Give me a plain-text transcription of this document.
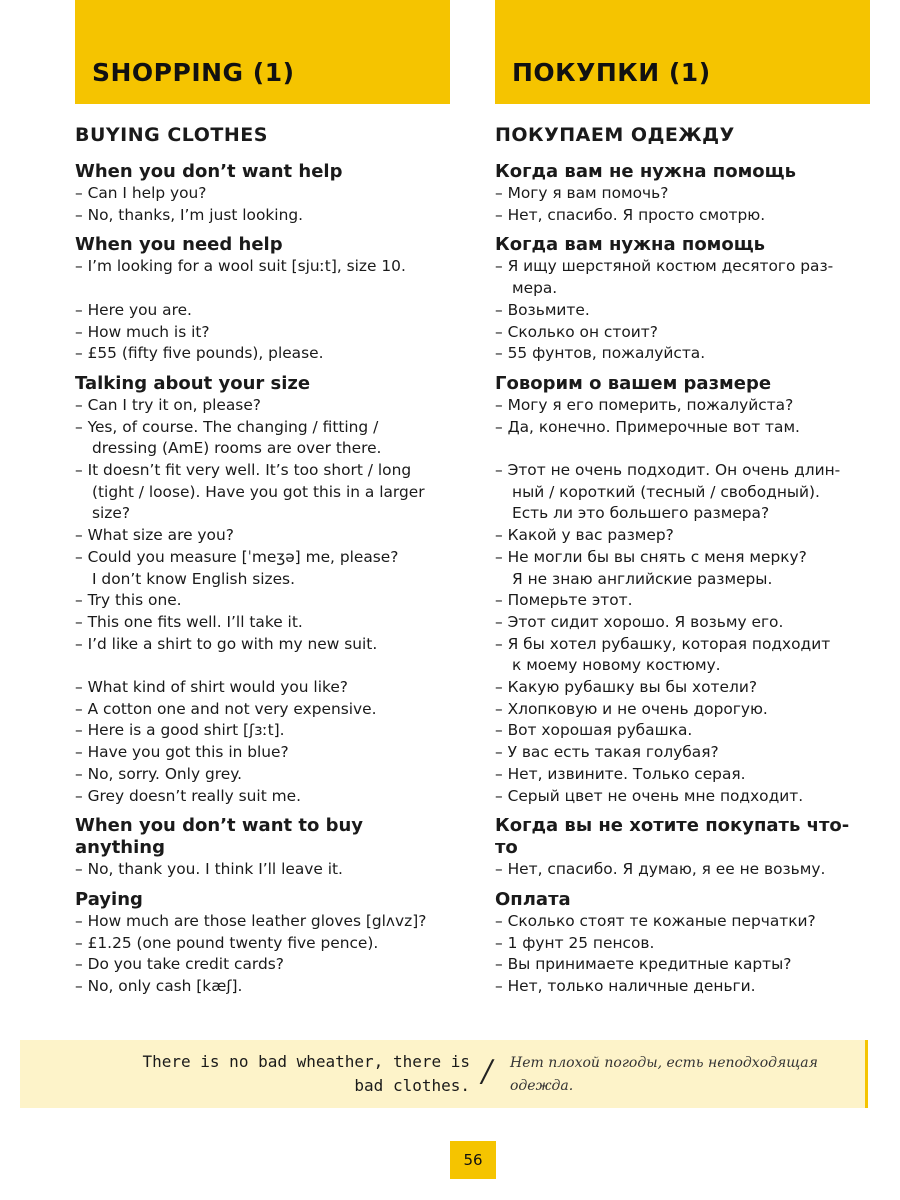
SHOPPING (1)
BUYING CLOTHES
When you don’t want help
– Can I help you?
– No, thanks, I’m just looking.
When you need help
– I’m looking for a wool suit [sjuːt], size 10.
– Here you are.
– How much is it?
– £55 (fifty five pounds), please.
Talking about your size
– Can I try it on, please?
– Yes, of course. The changing / fitting /
dressing (AmE) rooms are over there.
– It doesn’t fit very well. It’s too short / long
(tight / loose). Have you got this in a larger
size?
– What size are you?
– Could you measure [ˈmeʒə] me, please?
I don’t know English sizes.
– Try this one.
– This one fits well. I’ll take it.
– I’d like a shirt to go with my new suit.
– What kind of shirt would you like?
– A cotton one and not very expensive.
– Here is a good shirt [ʃɜːt].
– Have you got this in blue?
– No, sorry. Only grey.
– Grey doesn’t really suit me.
When you don’t want to buy anything
– No, thank you. I think I’ll leave it.
Paying
– How much are those leather gloves [glʌvz]?
– £1.25 (one pound twenty five pence).
– Do you take credit cards?
– No, only cash [kæʃ].
ПОКУПКИ (1)
ПОКУПАЕМ ОДЕЖДУ
Когда вам не нужна помощь
– Могу я вам помочь?
– Нет, спасибо. Я просто смотрю.
Когда вам нужна помощь
– Я ищу шерстяной костюм десятого раз-
мера.
– Возьмите.
– Сколько он стоит?
– 55 фунтов, пожалуйста.
Говорим о вашем размере
– Могу я его померить, пожалуйста?
– Да, конечно. Примерочные вот там.
– Этот не очень подходит. Он очень длин-
ный / короткий (тесный / свободный).
Есть ли это большего размера?
– Какой у вас размер?
– Не могли бы вы снять с меня мерку?
Я не знаю английские размеры.
– Померьте этот.
– Этот сидит хорошо. Я возьму его.
– Я бы хотел рубашку, которая подходит
к моему новому костюму.
– Какую рубашку вы бы хотели?
– Хлопковую и не очень дорогую.
– Вот хорошая рубашка.
– У вас есть такая голубая?
– Нет, извините. Только серая.
– Серый цвет не очень мне подходит.
Когда вы не хотите покупать что-то
– Нет, спасибо. Я думаю, я ее не возьму.
Оплата
– Сколько стоят те кожаные перчатки?
– 1 фунт 25 пенсов.
– Вы принимаете кредитные карты?
– Нет, только наличные деньги.
There is no bad wheather, there is bad clothes. / Нет плохой погоды, есть неподходящая одежда.
56
